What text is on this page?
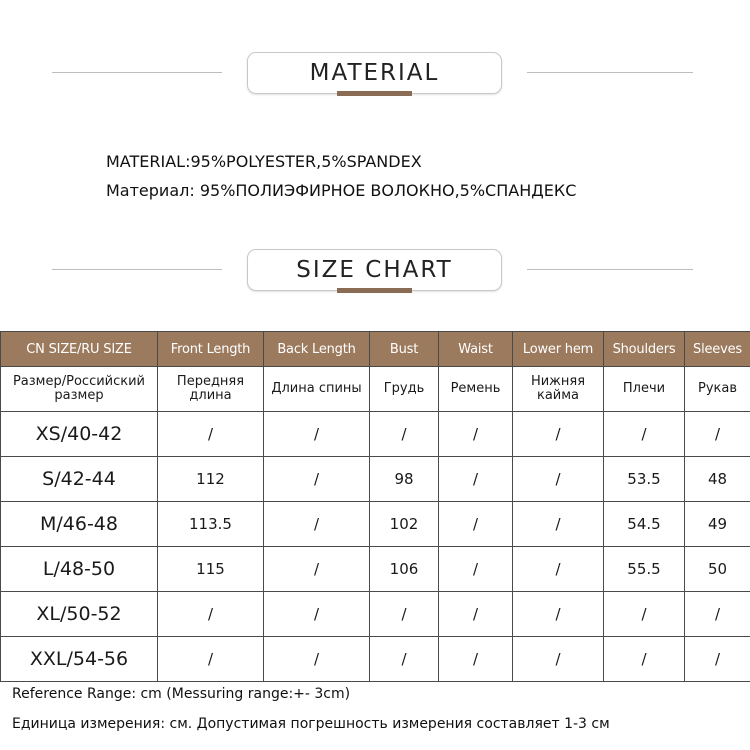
MATERIAL
MATERIAL:95%POLYESTER,5%SPANDEX
Материал: 95%ПОЛИЭФИРНОЕ ВОЛОКНО,5%СПАНДЕКС
SIZE CHART
CN SIZE/RU SIZE	Front Length	Back Length	Bust	Waist	Lower hem	Shoulders	Sleeves
Размер/Российский размер	Передняя длина	Длина спины	Грудь	Ремень	Нижняя кайма	Плечи	Рукав
XS/40-42	/	/	/	/	/	/	/
S/42-44	112	/	98	/	/	53.5	48
M/46-48	113.5	/	102	/	/	54.5	49
L/48-50	115	/	106	/	/	55.5	50
XL/50-52	/	/	/	/	/	/	/
XXL/54-56	/	/	/	/	/	/	/
Reference Range: cm (Messuring range:+- 3cm)
Единица измерения: см. Допустимая погрешность измерения составляет 1-3 см
